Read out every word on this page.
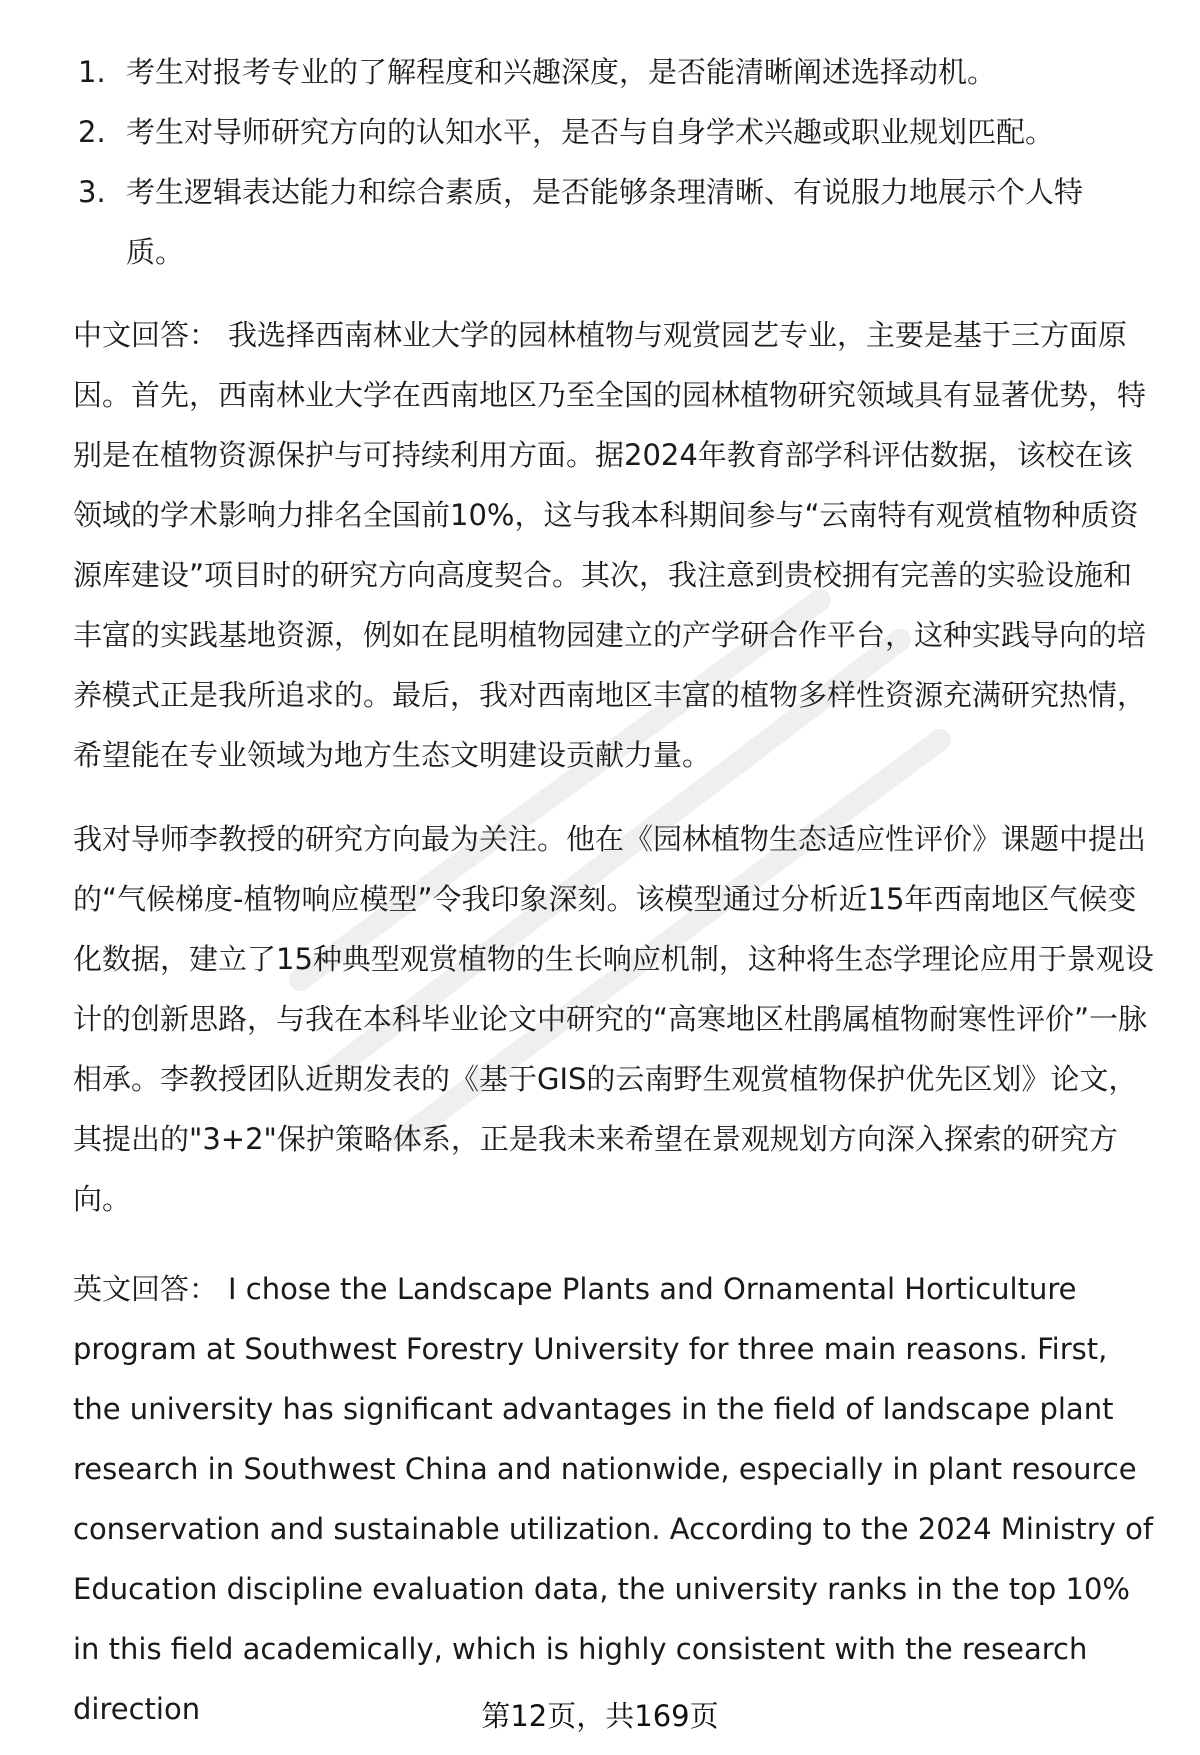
1. 考生对报考专业的了解程度和兴趣深度，是否能清晰阐述选择动机。
2. 考生对导师研究方向的认知水平，是否与自身学术兴趣或职业规划匹配。
3. 考生逻辑表达能力和综合素质，是否能够条理清晰、有说服力地展示个人特质。

中文回答： 我选择西南林业大学的园林植物与观赏园艺专业，主要是基于三方面原因。首先，西南林业大学在西南地区乃至全国的园林植物研究领域具有显著优势，特别是在植物资源保护与可持续利用方面。据2024年教育部学科评估数据，该校在该领域的学术影响力排名全国前10%，这与我本科期间参与“云南特有观赏植物种质资源库建设”项目时的研究方向高度契合。其次，我注意到贵校拥有完善的实验设施和丰富的实践基地资源，例如在昆明植物园建立的产学研合作平台，这种实践导向的培养模式正是我所追求的。最后，我对西南地区丰富的植物多样性资源充满研究热情，希望能在专业领域为地方生态文明建设贡献力量。

我对导师李教授的研究方向最为关注。他在《园林植物生态适应性评价》课题中提出的“气候梯度-植物响应模型”令我印象深刻。该模型通过分析近15年西南地区气候变化数据，建立了15种典型观赏植物的生长响应机制，这种将生态学理论应用于景观设计的创新思路，与我在本科毕业论文中研究的“高寒地区杜鹃属植物耐寒性评价”一脉相承。李教授团队近期发表的《基于GIS的云南野生观赏植物保护优先区划》论文，其提出的"3+2"保护策略体系，正是我未来希望在景观规划方向深入探索的研究方向。

英文回答： I chose the Landscape Plants and Ornamental Horticulture program at Southwest Forestry University for three main reasons. First, the university has significant advantages in the field of landscape plant research in Southwest China and nationwide, especially in plant resource conservation and sustainable utilization. According to the 2024 Ministry of Education discipline evaluation data, the university ranks in the top 10% in this field academically, which is highly consistent with the research direction	第12页，共169页
